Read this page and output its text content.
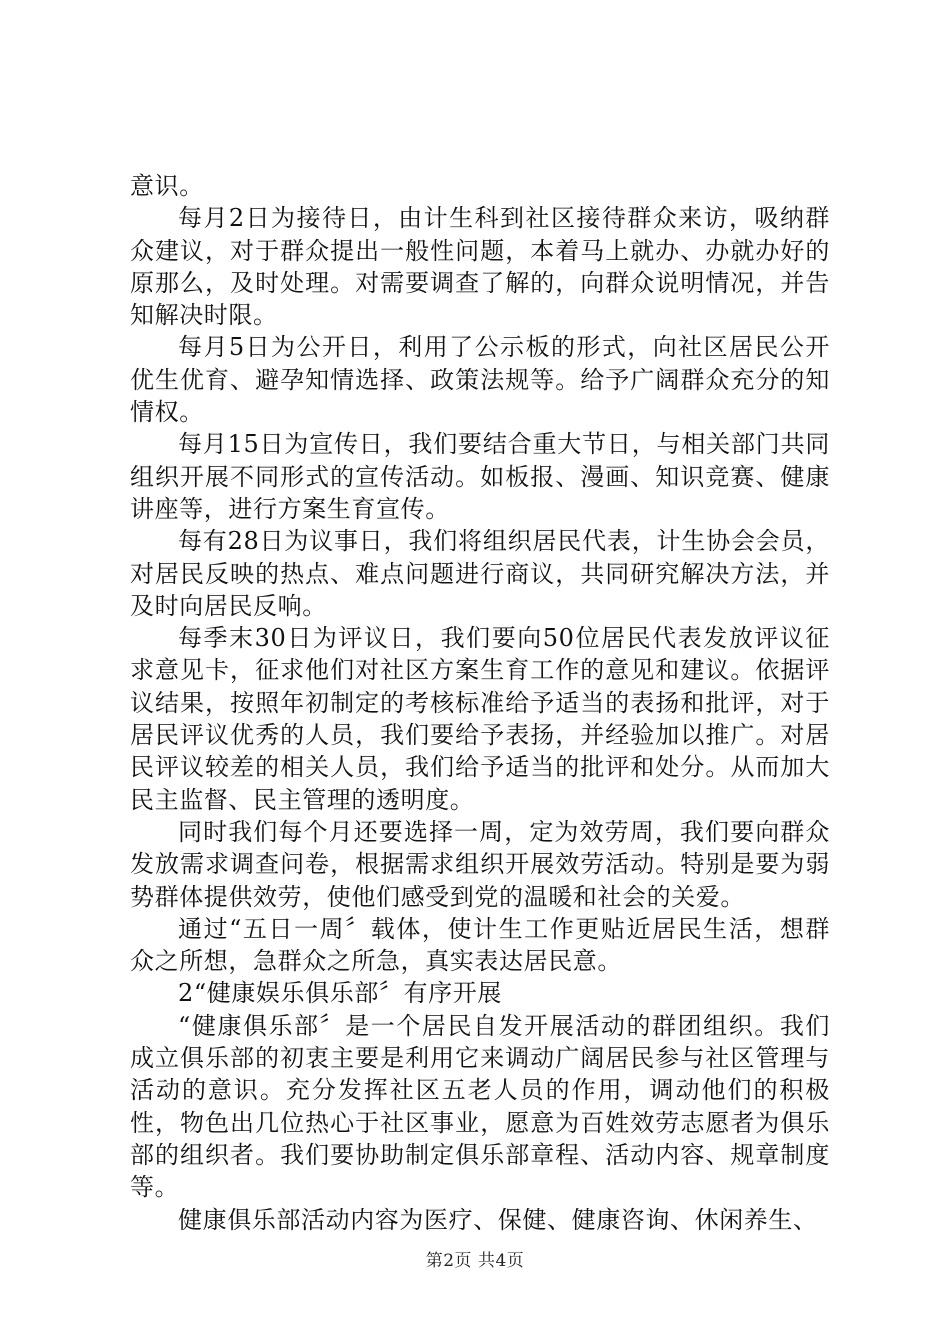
意识。

每月2日为接待日，由计生科到社区接待群众来访，吸纳群众建议，对于群众提出一般性问题，本着马上就办、办就办好的原那么，及时处理。对需要调查了解的，向群众说明情况，并告知解决时限。

每月5日为公开日，利用了公示板的形式，向社区居民公开优生优育、避孕知情选择、政策法规等。给予广阔群众充分的知情权。

每月15日为宣传日，我们要结合重大节日，与相关部门共同组织开展不同形式的宣传活动。如板报、漫画、知识竞赛、健康讲座等，进行方案生育宣传。

每有28日为议事日，我们将组织居民代表，计生协会会员，对居民反映的热点、难点问题进行商议，共同研究解决方法，并及时向居民反响。

每季末30日为评议日，我们要向50位居民代表发放评议征求意见卡，征求他们对社区方案生育工作的意见和建议。依据评议结果，按照年初制定的考核标准给予适当的表扬和批评，对于居民评议优秀的人员，我们要给予表扬，并经验加以推广。对居民评议较差的相关人员，我们给予适当的批评和处分。从而加大民主监督、民主管理的透明度。

同时我们每个月还要选择一周，定为效劳周，我们要向群众发放需求调查问卷，根据需求组织开展效劳活动。特别是要为弱势群体提供效劳，使他们感受到党的温暖和社会的关爱。

通过“五日一周〞载体，使计生工作更贴近居民生活，想群众之所想，急群众之所急，真实表达居民意。

2“健康娱乐俱乐部〞有序开展

“健康俱乐部〞是一个居民自发开展活动的群团组织。我们成立俱乐部的初衷主要是利用它来调动广阔居民参与社区管理与活动的意识。充分发挥社区五老人员的作用，调动他们的积极性，物色出几位热心于社区事业，愿意为百姓效劳志愿者为俱乐部的组织者。我们要协助制定俱乐部章程、活动内容、规章制度等。

健康俱乐部活动内容为医疗、保健、健康咨询、休闲养生、

第2页 共4页
